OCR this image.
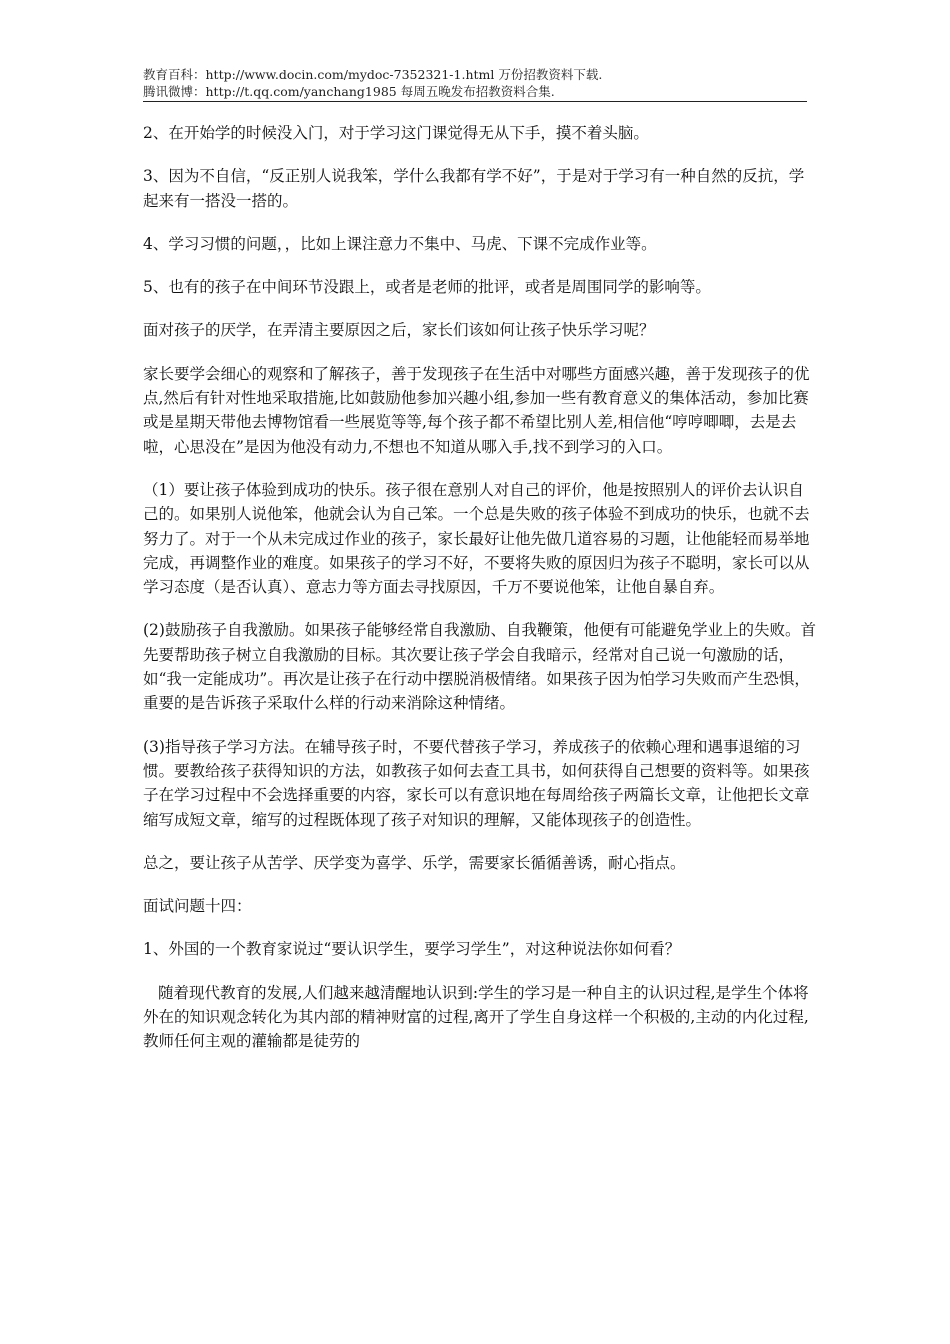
教育百科：http://www.docin.com/mydoc-7352321-1.html 万份招教资料下载.
腾讯微博：http://t.qq.com/yanchang1985 每周五晚发布招教资料合集.

2、在开始学的时候没入门，对于学习这门课觉得无从下手，摸不着头脑。

3、因为不自信，“反正别人说我笨，学什么我都有学不好”，于是对于学习有一种自然的反抗，学起来有一搭没一搭的。

4、学习习惯的问题，，比如上课注意力不集中、马虎、下课不完成作业等。

5、也有的孩子在中间环节没跟上，或者是老师的批评，或者是周围同学的影响等。

面对孩子的厌学，在弄清主要原因之后，家长们该如何让孩子快乐学习呢？

家长要学会细心的观察和了解孩子，善于发现孩子在生活中对哪些方面感兴趣，善于发现孩子的优点,然后有针对性地采取措施,比如鼓励他参加兴趣小组,参加一些有教育意义的集体活动，参加比赛或是星期天带他去博物馆看一些展览等等,每个孩子都不希望比别人差,相信他“哼哼唧唧，去是去啦，心思没在”是因为他没有动力,不想也不知道从哪入手,找不到学习的入口。

（1）要让孩子体验到成功的快乐。孩子很在意别人对自己的评价，他是按照别人的评价去认识自己的。如果别人说他笨，他就会认为自己笨。一个总是失败的孩子体验不到成功的快乐，也就不去努力了。对于一个从未完成过作业的孩子，家长最好让他先做几道容易的习题，让他能轻而易举地完成，再调整作业的难度。如果孩子的学习不好，不要将失败的原因归为孩子不聪明，家长可以从学习态度（是否认真）、意志力等方面去寻找原因，千万不要说他笨，让他自暴自弃。

(2)鼓励孩子自我激励。如果孩子能够经常自我激励、自我鞭策，他便有可能避免学业上的失败。首先要帮助孩子树立自我激励的目标。其次要让孩子学会自我暗示，经常对自己说一句激励的话，如“我一定能成功”。再次是让孩子在行动中摆脱消极情绪。如果孩子因为怕学习失败而产生恐惧，重要的是告诉孩子采取什么样的行动来消除这种情绪。

(3)指导孩子学习方法。在辅导孩子时，不要代替孩子学习，养成孩子的依赖心理和遇事退缩的习惯。要教给孩子获得知识的方法，如教孩子如何去查工具书，如何获得自己想要的资料等。如果孩子在学习过程中不会选择重要的内容，家长可以有意识地在每周给孩子两篇长文章，让他把长文章缩写成短文章，缩写的过程既体现了孩子对知识的理解，又能体现孩子的创造性。

总之，要让孩子从苦学、厌学变为喜学、乐学，需要家长循循善诱，耐心指点。

面试问题十四：

1、外国的一个教育家说过“要认识学生，要学习学生”，对这种说法你如何看？

随着现代教育的发展,人们越来越清醒地认识到:学生的学习是一种自主的认识过程,是学生个体将外在的知识观念转化为其内部的精神财富的过程,离开了学生自身这样一个积极的,主动的内化过程,教师任何主观的灌输都是徒劳的
